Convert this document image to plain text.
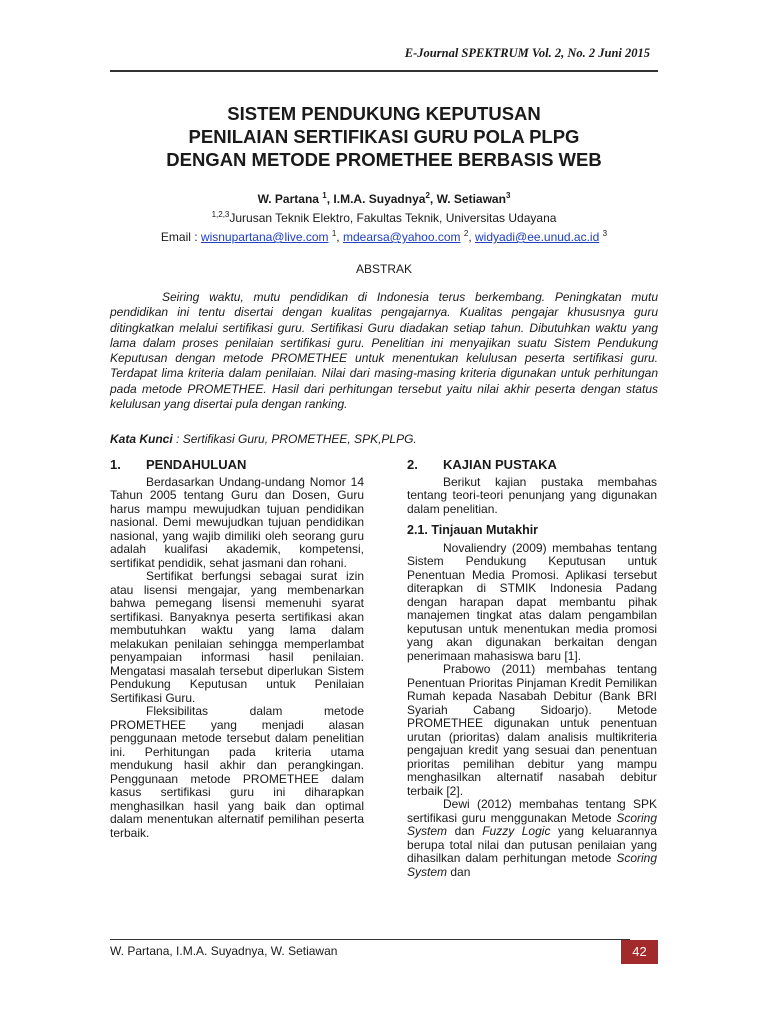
E-Journal SPEKTRUM Vol. 2, No. 2 Juni 2015
SISTEM PENDUKUNG KEPUTUSAN
PENILAIAN SERTIFIKASI GURU POLA PLPG
DENGAN METODE PROMETHEE BERBASIS WEB
W. Partana $^1$, I.M.A. Suyadnya$^2$, W. Setiawan$^3$
$^{1,2,3}$Jurusan Teknik Elektro, Fakultas Teknik, Universitas Udayana
Email : wisnupartana@live.com $^1$, mdearsa@yahoo.com $^2$, widyadi@ee.unud.ac.id $^3$
ABSTRAK
Seiring waktu, mutu pendidikan di Indonesia terus berkembang. Peningkatan mutu pendidikan ini tentu disertai dengan kualitas pengajarnya. Kualitas pengajar khususnya guru ditingkatkan melalui sertifikasi guru. Sertifikasi Guru diadakan setiap tahun. Dibutuhkan waktu yang lama dalam proses penilaian sertifikasi guru. Penelitian ini menyajikan suatu Sistem Pendukung Keputusan dengan metode PROMETHEE untuk menentukan kelulusan peserta sertifikasi guru. Terdapat lima kriteria dalam penilaian. Nilai dari masing-masing kriteria digunakan untuk perhitungan pada metode PROMETHEE. Hasil dari perhitungan tersebut yaitu nilai akhir peserta dengan status kelulusan yang disertai pula dengan ranking.
Kata Kunci : Sertifikasi Guru, PROMETHEE, SPK,PLPG.
1.	PENDAHULUAN

Berdasarkan Undang-undang Nomor 14 Tahun 2005 tentang Guru dan Dosen, Guru harus mampu mewujudkan tujuan pendidikan nasional. Demi mewujudkan tujuan pendidikan nasional, yang wajib dimiliki oleh seorang guru adalah kualifasi akademik, kompetensi, sertifikat pendidik, sehat jasmani dan rohani.

Sertifikat berfungsi sebagai surat izin atau lisensi mengajar, yang membenarkan bahwa pemegang lisensi memenuhi syarat sertifikasi. Banyaknya peserta sertifikasi akan membutuhkan waktu yang lama dalam melakukan penilaian sehingga memperlambat penyampaian informasi hasil penilaian. Mengatasi masalah tersebut diperlukan Sistem Pendukung Keputusan untuk Penilaian Sertifikasi Guru.

Fleksibilitas dalam metode PROMETHEE yang menjadi alasan penggunaan metode tersebut dalam penelitian ini. Perhitungan pada kriteria utama mendukung hasil akhir dan perangkingan. Penggunaan metode PROMETHEE dalam kasus sertifikasi guru ini diharapkan menghasilkan hasil yang baik dan optimal dalam menentukan alternatif pemilihan peserta terbaik.

2.	KAJIAN PUSTAKA

Berikut kajian pustaka membahas tentang teori-teori penunjang yang digunakan dalam penelitian.

2.1. Tinjauan Mutakhir

Novaliendry (2009) membahas tentang Sistem Pendukung Keputusan untuk Penentuan Media Promosi. Aplikasi tersebut diterapkan di STMIK Indonesia Padang dengan harapan dapat membantu pihak manajemen tingkat atas dalam pengambilan keputusan untuk menentukan media promosi yang akan digunakan berkaitan dengan penerimaan mahasiswa baru [1].

Prabowo (2011) membahas tentang Penentuan Prioritas Pinjaman Kredit Pemilikan Rumah kepada Nasabah Debitur (Bank BRI Syariah Cabang Sidoarjo). Metode PROMETHEE digunakan untuk penentuan urutan (prioritas) dalam analisis multikriteria pengajuan kredit yang sesuai dan penentuan prioritas pemilihan debitur yang mampu menghasilkan alternatif nasabah debitur terbaik [2].

Dewi (2012) membahas tentang SPK sertifikasi guru menggunakan Metode Scoring System dan Fuzzy Logic yang keluarannya berupa total nilai dan putusan penilaian yang dihasilkan dalam perhitungan metode Scoring System dan

W. Partana, I.M.A. Suyadnya, W. Setiawan	42
